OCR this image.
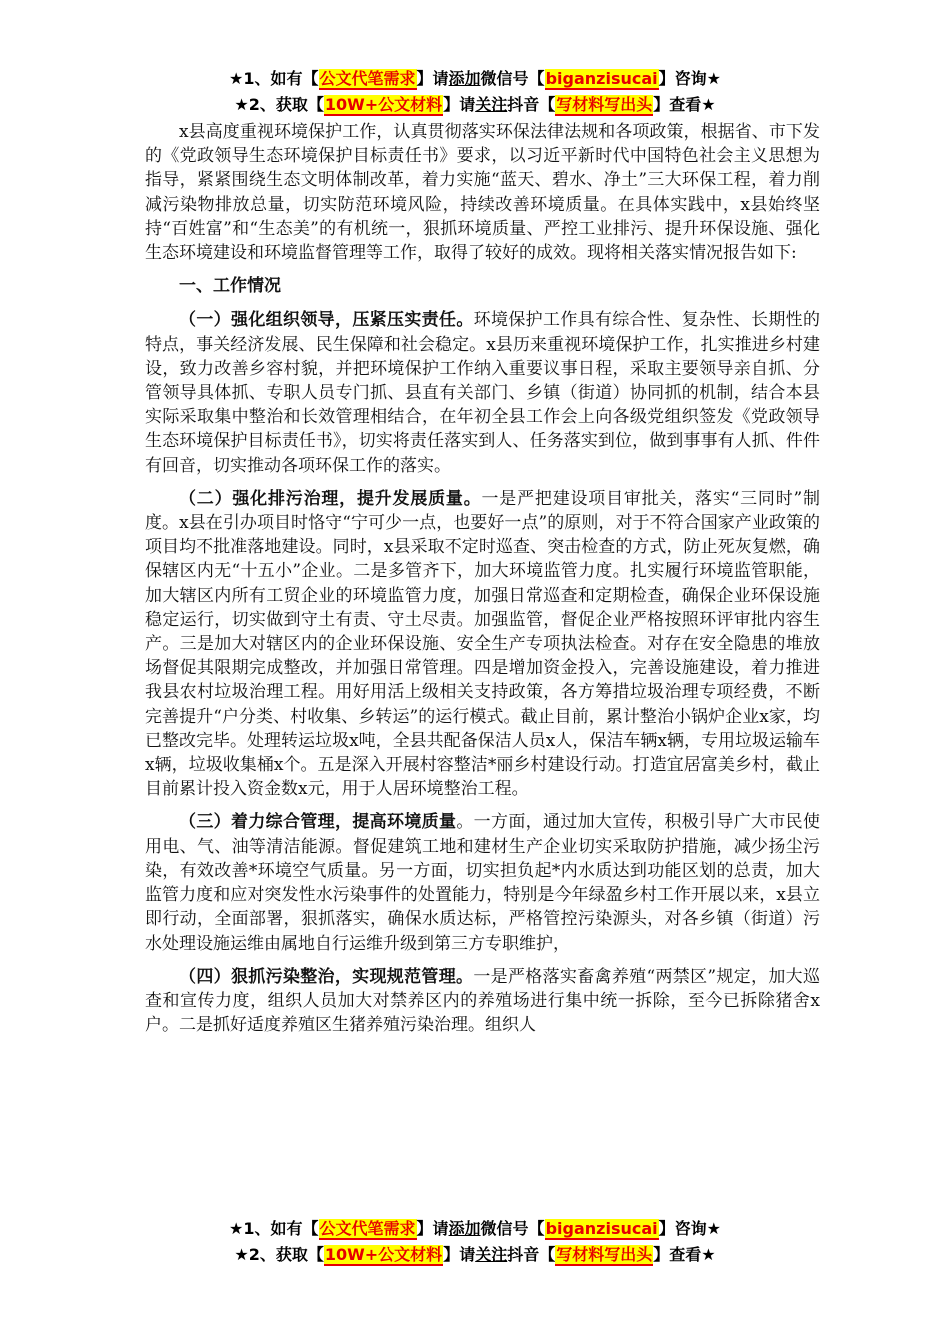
★1、如有【公文代笔需求】请添加微信号【biganzisucai】咨询★
★2、获取【10W+公文材料】请关注抖音【写材料写出头】查看★

x县高度重视环境保护工作，认真贯彻落实环保法律法规和各项政策，根据省、市下发的《党政领导生态环境保护目标责任书》要求，以习近平新时代中国特色社会主义思想为指导，紧紧围绕生态文明体制改革，着力实施“蓝天、碧水、净土”三大环保工程，着力削减污染物排放总量，切实防范环境风险，持续改善环境质量。在具体实践中，x县始终坚持“百姓富”和“生态美”的有机统一，狠抓环境质量、严控工业排污、提升环保设施、强化生态环境建设和环境监督管理等工作，取得了较好的成效。现将相关落实情况报告如下:

一、工作情况

（一）强化组织领导，压紧压实责任。环境保护工作具有综合性、复杂性、长期性的特点，事关经济发展、民生保障和社会稳定。x县历来重视环境保护工作，扎实推进乡村建设，致力改善乡容村貌，并把环境保护工作纳入重要议事日程，采取主要领导亲自抓、分管领导具体抓、专职人员专门抓、县直有关部门、乡镇（街道）协同抓的机制，结合本县实际采取集中整治和长效管理相结合，在年初全县工作会上向各级党组织签发《党政领导生态环境保护目标责任书》，切实将责任落实到人、任务落实到位，做到事事有人抓、件件有回音，切实推动各项环保工作的落实。

（二）强化排污治理，提升发展质量。一是严把建设项目审批关，落实“三同时”制度。x县在引办项目时恪守“宁可少一点，也要好一点”的原则，对于不符合国家产业政策的项目均不批准落地建设。同时，x县采取不定时巡查、突击检查的方式，防止死灰复燃，确保辖区内无“十五小”企业。二是多管齐下，加大环境监管力度。扎实履行环境监管职能，加大辖区内所有工贸企业的环境监管力度，加强日常巡查和定期检查，确保企业环保设施稳定运行，切实做到守土有责、守土尽责。加强监管，督促企业严格按照环评审批内容生产。三是加大对辖区内的企业环保设施、安全生产专项执法检查。对存在安全隐患的堆放场督促其限期完成整改，并加强日常管理。四是增加资金投入，完善设施建设，着力推进我县农村垃圾治理工程。用好用活上级相关支持政策，各方筹措垃圾治理专项经费，不断完善提升“户分类、村收集、乡转运”的运行模式。截止目前，累计整治小锅炉企业x家，均已整改完毕。处理转运垃圾x吨，全县共配备保洁人员x人，保洁车辆x辆，专用垃圾运输车x辆，垃圾收集桶x个。五是深入开展村容整洁*丽乡村建设行动。打造宜居富美乡村，截止目前累计投入资金数x元，用于人居环境整治工程。

（三）着力综合管理，提高环境质量。一方面，通过加大宣传，积极引导广大市民使用电、气、油等清洁能源。督促建筑工地和建材生产企业切实采取防护措施，减少扬尘污染，有效改善*环境空气质量。另一方面，切实担负起*内水质达到功能区划的总责，加大监管力度和应对突发性水污染事件的处置能力，特别是今年绿盈乡村工作开展以来，x县立即行动，全面部署，狠抓落实，确保水质达标，严格管控污染源头，对各乡镇（街道）污水处理设施运维由属地自行运维升级到第三方专职维护，

（四）狠抓污染整治，实现规范管理。一是严格落实畜禽养殖“两禁区”规定，加大巡查和宣传力度，组织人员加大对禁养区内的养殖场进行集中统一拆除，至今已拆除猪舍x户。二是抓好适度养殖区生猪养殖污染治理。组织人

★1、如有【公文代笔需求】请添加微信号【biganzisucai】咨询★
★2、获取【10W+公文材料】请关注抖音【写材料写出头】查看★
